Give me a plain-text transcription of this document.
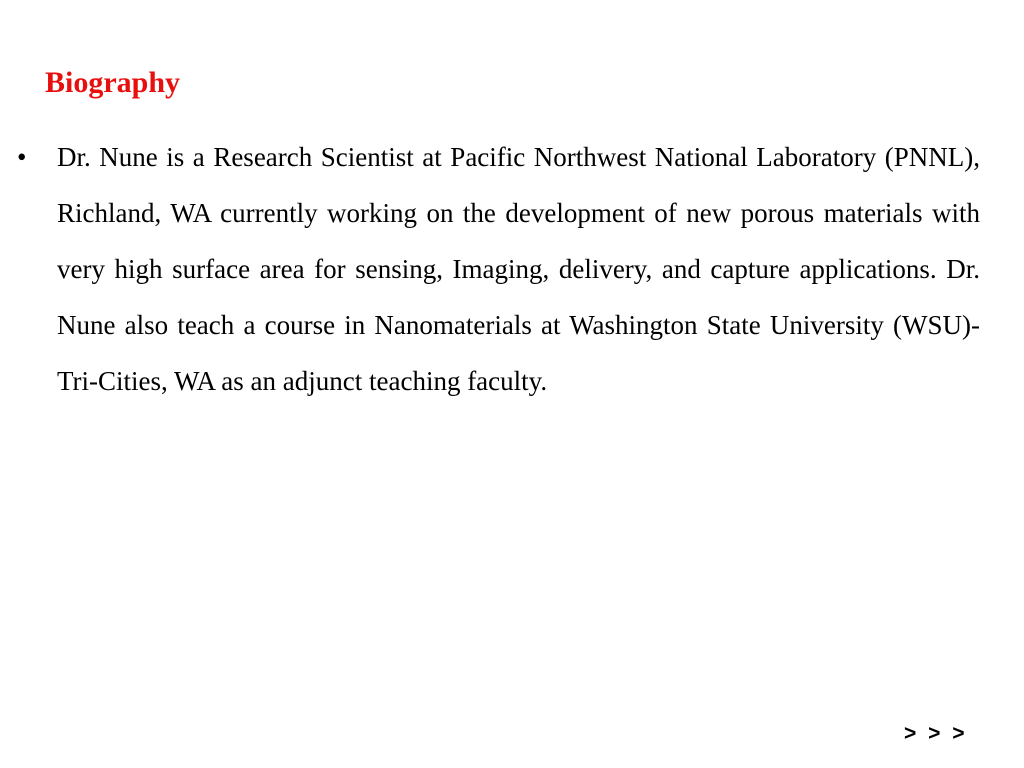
Biography
• Dr. Nune is a Research Scientist at Pacific Northwest National Laboratory (PNNL), Richland, WA currently working on the development of new porous materials with very high surface area for sensing, Imaging, delivery, and capture applications. Dr. Nune also teach a course in Nanomaterials at Washington State University (WSU)-Tri-Cities, WA as an adjunct teaching faculty.

> > >
